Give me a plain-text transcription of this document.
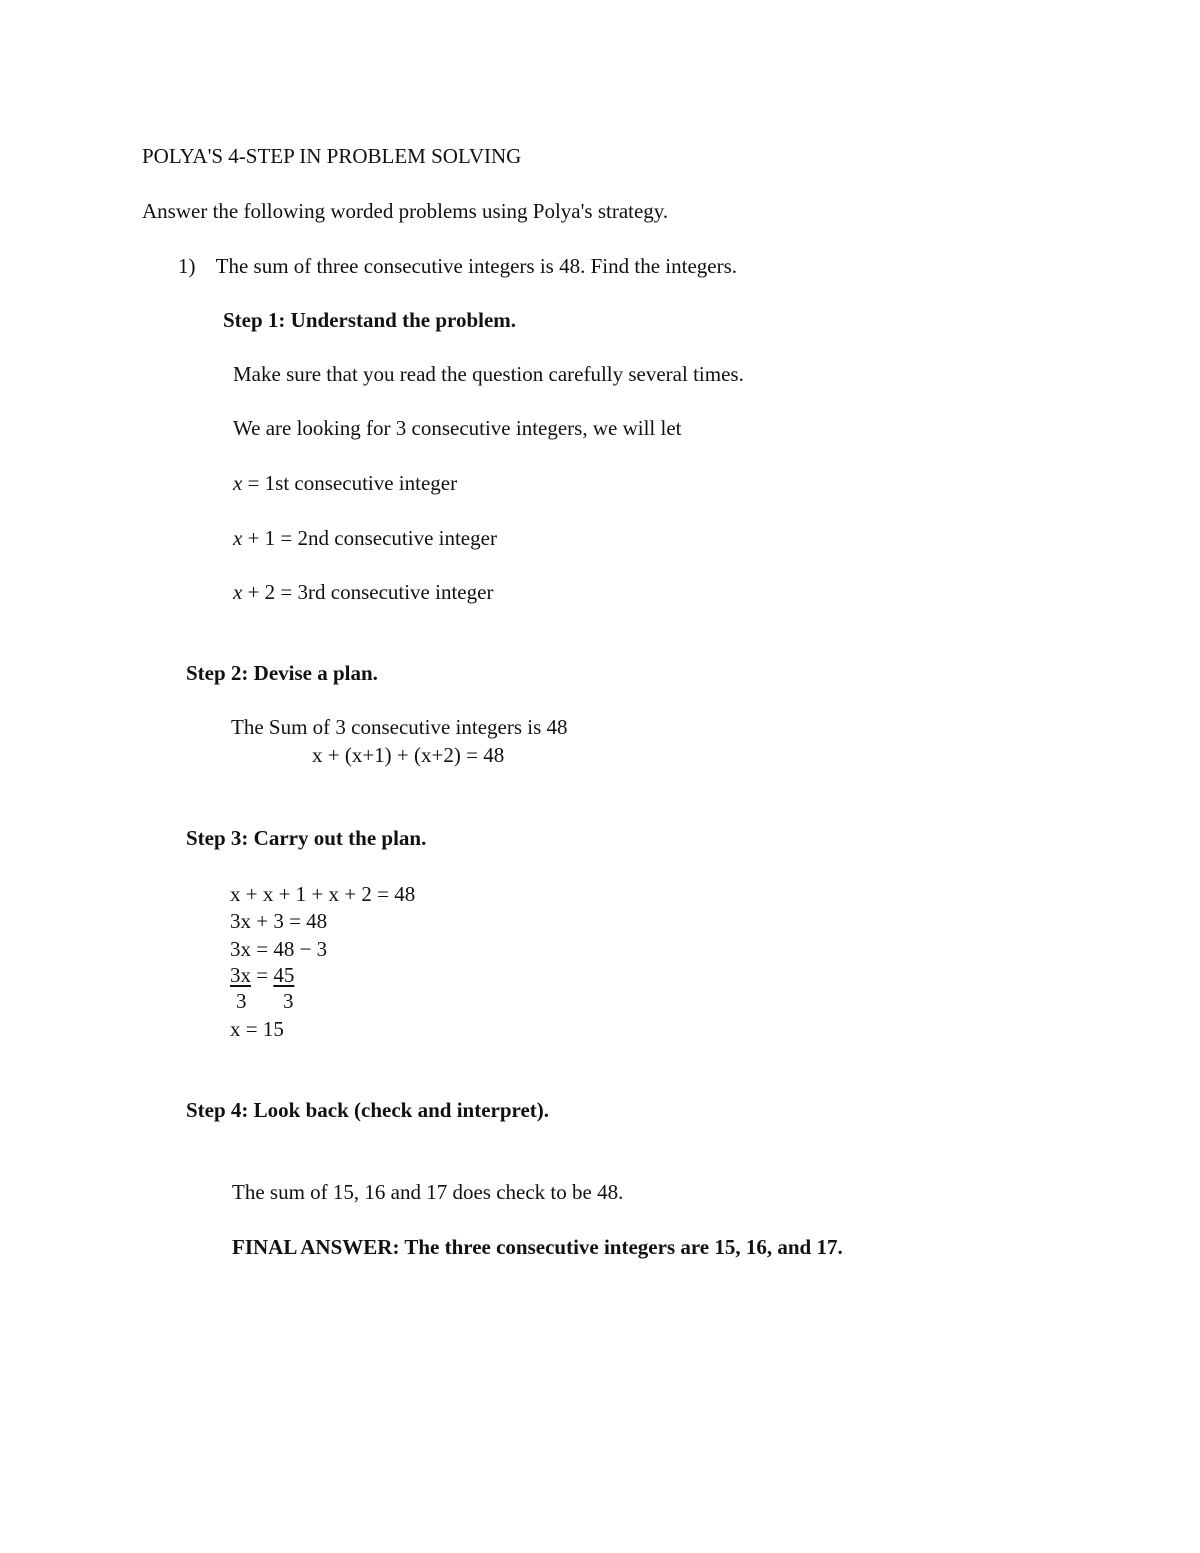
POLYA'S 4-STEP IN PROBLEM SOLVING
Answer the following worded problems using Polya's strategy.
1) The sum of three consecutive integers is 48. Find the integers.
Step 1: Understand the problem.
Make sure that you read the question carefully several times.
We are looking for 3 consecutive integers, we will let
x = 1st consecutive integer
x + 1 = 2nd consecutive integer
x + 2 = 3rd consecutive integer
Step 2: Devise a plan.
The Sum of 3 consecutive integers is 48
x + (x+1) + (x+2) = 48
Step 3: Carry out the plan.
x + x + 1 + x + 2 = 48
3x + 3 = 48
3x = 48 − 3
3x = 45
3 3
x = 15
Step 4: Look back (check and interpret).
The sum of 15, 16 and 17 does check to be 48.
FINAL ANSWER: The three consecutive integers are 15, 16, and 17.
